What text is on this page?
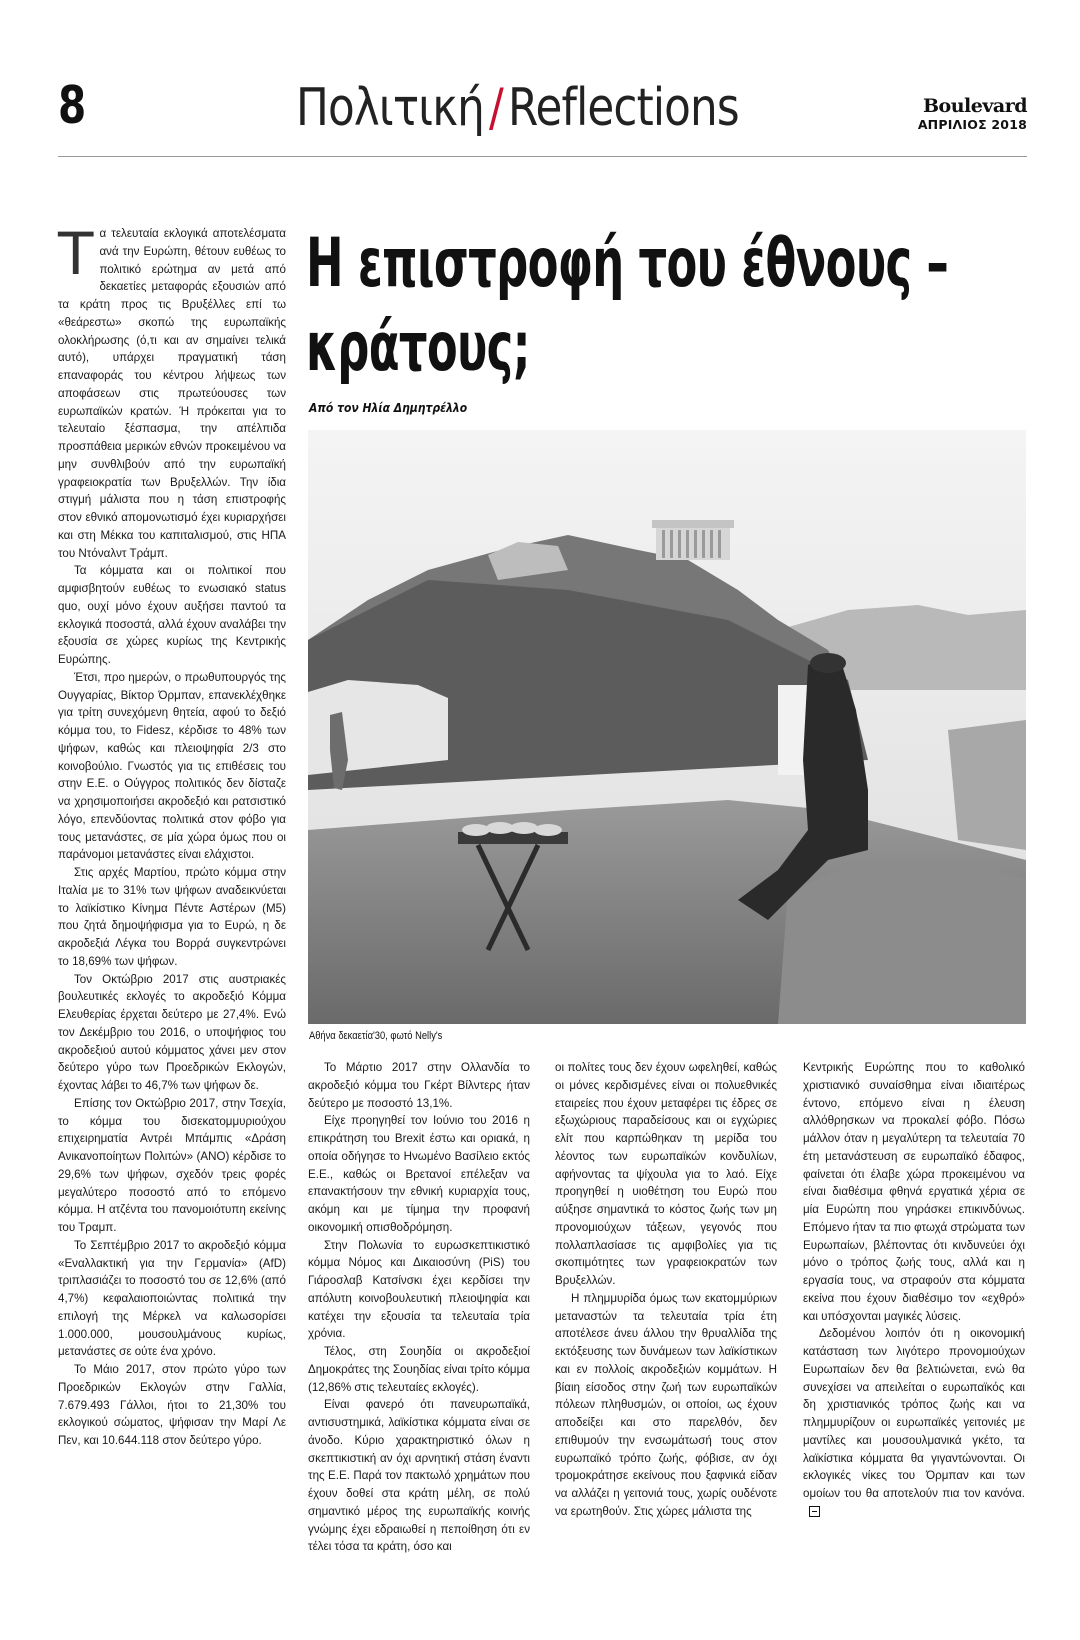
8	Πολιτική/Reflections	Boulevard
ΑΠΡΙΛΙΟΣ 2018
Η επιστροφή του έθνους –
κράτους;
Από τον Ηλία Δημητρέλλο
Αθήνα δεκαετία'30, φωτό Nelly's
Τ α τελευταία εκλογικά αποτελέσματα ανά την Ευρώπη, θέτουν ευθέως το πολιτικό ερώτημα αν μετά από δεκαετίες μεταφοράς εξουσιών από τα κράτη προς τις Βρυξέλλες επί τω «θεάρεστω» σκοπώ της ευρωπαϊκής ολοκλήρωσης (ό,τι και αν σημαίνει τελικά αυτό), υπάρχει πραγματική τάση επαναφοράς του κέντρου λήψεως των αποφάσεων στις πρωτεύουσες των ευρωπαϊκών κρατών. Ή πρόκειται για το τελευταίο ξέσπασμα, την απέλπιδα προσπάθεια μερικών εθνών προκειμένου να μην συνθλιβούν από την ευρωπαϊκή γραφειοκρατία των Βρυξελλών. Την ίδια στιγμή μάλιστα που η τάση επιστροφής στον εθνικό απομονωτισμό έχει κυριαρχήσει και στη Μέκκα του καπιταλισμού, στις ΗΠΑ του Ντόναλντ Τράμπ.

Τα κόμματα και οι πολιτικοί που αμφισβητούν ευθέως το ενωσιακό status quo, ουχί μόνο έχουν αυξήσει παντού τα εκλογικά ποσοστά, αλλά έχουν αναλάβει την εξουσία σε χώρες κυρίως της Κεντρικής Ευρώπης.

Έτσι, προ ημερών, ο πρωθυπουργός της Ουγγαρίας, Βίκτορ Όρμπαν, επανεκλέχθηκε για τρίτη συνεχόμενη θητεία, αφού το δεξιό κόμμα του, το Fidesz, κέρδισε το 48% των ψήφων, καθώς και πλειοψηφία 2/3 στο κοινοβούλιο. Γνωστός για τις επιθέσεις του στην Ε.Ε. ο Ούγγρος πολιτικός δεν δίσταζε να χρησιμοποιήσει ακροδεξιό και ρατσιστικό λόγο, επενδύοντας πολιτικά στον φόβο για τους μετανάστες, σε μία χώρα όμως που οι παράνομοι μετανάστες είναι ελάχιστοι.

Στις αρχές Μαρτίου, πρώτο κόμμα στην Ιταλία με το 31% των ψήφων αναδεικνύεται το λαϊκίστικο Κίνημα Πέντε Αστέρων (M5) που ζητά δημοψήφισμα για το Ευρώ, η δε ακροδεξιά Λέγκα του Βορρά συγκεντρώνει το 18,69% των ψήφων.

Τον Οκτώβριο 2017 στις αυστριακές βουλευτικές εκλογές το ακροδεξιό Κόμμα Ελευθερίας έρχεται δεύτερο με 27,4%. Ενώ τον Δεκέμβριο του 2016, ο υποψήφιος του ακροδεξιού αυτού κόμματος χάνει μεν στον δεύτερο γύρο των Προεδρικών Εκλογών, έχοντας λάβει το 46,7% των ψήφων δε.

Επίσης τον Οκτώβριο 2017, στην Τσεχία, το κόμμα του δισεκατομμυριούχου επιχειρηματία Αντρέι Μπάμπις «Δράση Ανικανοποίητων Πολιτών» (ΑΝΟ) κέρδισε το 29,6% των ψήφων, σχεδόν τρεις φορές μεγαλύτερο ποσοστό από το επόμενο κόμμα. Η ατζέντα του πανομοιότυπη εκείνης του Τραμπ.

Το Σεπτέμβριο 2017 το ακροδεξιό κόμμα «Εναλλακτική για την Γερμανία» (AfD) τριπλασιάζει το ποσοστό του σε 12,6% (από 4,7%) κεφαλαιοποιώντας πολιτικά την επιλογή της Μέρκελ να καλωσορίσει 1.000.000, μουσουλμάνους κυρίως, μετανάστες σε ούτε ένα χρόνο.

Το Μάιο 2017, στον πρώτο γύρο των Προεδρικών Εκλογών στην Γαλλία, 7.679.493 Γάλλοι, ήτοι το 21,30% του εκλογικού σώματος, ψήφισαν την Μαρί Λε Πεν, και 10.644.118 στον δεύτερο γύρο.

Το Μάρτιο 2017 στην Ολλανδία το ακροδεξιό κόμμα του Γκέρτ Βίλντερς ήταν δεύτερο με ποσοστό 13,1%.

Είχε προηγηθεί τον Ιούνιο του 2016 η επικράτηση του Brexit έστω και οριακά, η οποία οδήγησε το Ηνωμένο Βασίλειο εκτός Ε.Ε., καθώς οι Βρετανοί επέλεξαν να επανακτήσουν την εθνική κυριαρχία τους, ακόμη και με τίμημα την προφανή οικονομική οπισθοδρόμηση.

Στην Πολωνία το ευρωσκεπτικιστικό κόμμα Νόμος και Δικαιοσύνη (PiS) του Γιάροσλαβ Κατσίνσκι έχει κερδίσει την απόλυτη κοινοβουλευτική πλειοψηφία και κατέχει την εξουσία τα τελευταία τρία χρόνια.

Τέλος, στη Σουηδία οι ακροδεξιοί Δημοκράτες της Σουηδίας είναι τρίτο κόμμα (12,86% στις τελευταίες εκλογές).

Είναι φανερό ότι πανευρωπαϊκά, αντισυστημικά, λαϊκίστικα κόμματα είναι σε άνοδο. Κύριο χαρακτηριστικό όλων η σκεπτικιστική αν όχι αρνητική στάση έναντι της Ε.Ε. Παρά τον πακτωλό χρημάτων που έχουν δοθεί στα κράτη μέλη, σε πολύ σημαντικό μέρος της ευρωπαϊκής κοινής γνώμης έχει εδραιωθεί η πεποίθηση ότι εν τέλει τόσα τα κράτη, όσο και

οι πολίτες τους δεν έχουν ωφεληθεί, καθώς οι μόνες κερδισμένες είναι οι πολυεθνικές εταιρείες που έχουν μεταφέρει τις έδρες σε εξωχώριους παραδείσους και οι εγχώριες ελίτ που καρπώθηκαν τη μερίδα του λέοντος των ευρωπαϊκών κονδυλίων, αφήνοντας τα ψίχουλα για το λαό. Είχε προηγηθεί η υιοθέτηση του Ευρώ που αύξησε σημαντικά το κόστος ζωής των μη προνομιούχων τάξεων, γεγονός που πολλαπλασίασε τις αμφιβολίες για τις σκοπιμότητες των γραφειοκρατών των Βρυξελλών.

Η πλημμυρίδα όμως των εκατομμύριων μεταναστών τα τελευταία τρία έτη αποτέλεσε άνευ άλλου την θρυαλλίδα της εκτόξευσης των δυνάμεων των λαϊκίστικων και εν πολλοίς ακροδεξιών κομμάτων. Η βίαιη είσοδος στην ζωή των ευρωπαϊκών πόλεων πληθυσμών, οι οποίοι, ως έχουν αποδείξει και στο παρελθόν, δεν επιθυμούν την ενσωμάτωσή τους στον ευρωπαϊκό τρόπο ζωής, φόβισε, αν όχι τρομοκράτησε εκείνους που ξαφνικά είδαν να αλλάζει η γειτονιά τους, χωρίς ουδένοτε να ερωτηθούν. Στις χώρες μάλιστα της

Κεντρικής Ευρώπης που το καθολικό χριστιανικό συναίσθημα είναι ιδιαιτέρως έντονο, επόμενο είναι η έλευση αλλόθρησκων να προκαλεί φόβο. Πόσω μάλλον όταν η μεγαλύτερη τα τελευταία 70 έτη μετανάστευση σε ευρωπαϊκό έδαφος, φαίνεται ότι έλαβε χώρα προκειμένου να είναι διαθέσιμα φθηνά εργατικά χέρια σε μία Ευρώπη που γηράσκει επικινδύνως. Επόμενο ήταν τα πιο φτωχά στρώματα των Ευρωπαίων, βλέποντας ότι κινδυνεύει όχι μόνο ο τρόπος ζωής τους, αλλά και η εργασία τους, να στραφούν στα κόμματα εκείνα που έχουν διαθέσιμο τον «εχθρό» και υπόσχονται μαγικές λύσεις.

Δεδομένου λοιπόν ότι η οικονομική κατάσταση των λιγότερο προνομιούχων Ευρωπαίων δεν θα βελτιώνεται, ενώ θα συνεχίσει να απειλείται ο ευρωπαϊκός και δη χριστιανικός τρόπος ζωής και να πλημμυρίζουν οι ευρωπαϊκές γειτονιές με μαντίλες και μουσουλμανικά γκέτο, τα λαϊκίστικα κόμματα θα γιγαντώνονται. Οι εκλογικές νίκες του Όρμπαν και των ομοίων του θα αποτελούν πια τον κανόνα.
